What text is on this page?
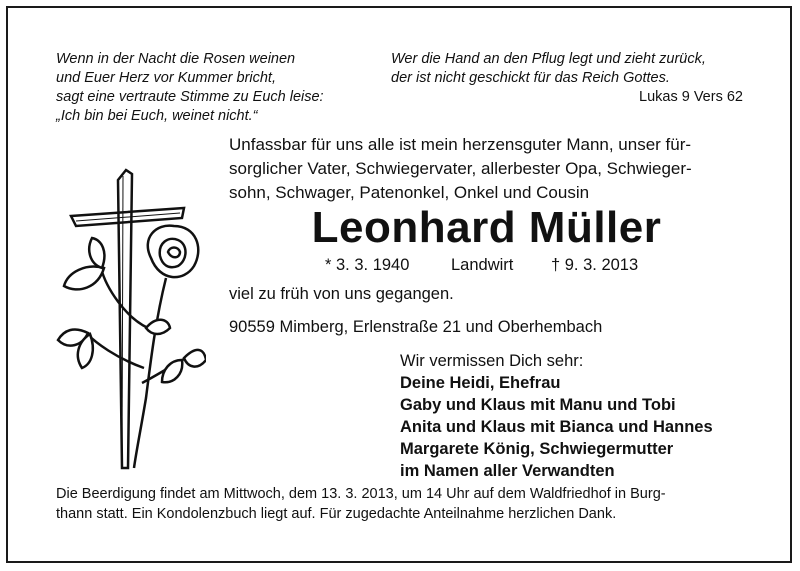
Wenn in der Nacht die Rosen weinen
und Euer Herz vor Kummer bricht,
sagt eine vertraute Stimme zu Euch leise:
„Ich bin bei Euch, weinet nicht.“
Wer die Hand an den Pflug legt und zieht zurück,
der ist nicht geschickt für das Reich Gottes.
Lukas 9 Vers 62
Unfassbar für uns alle ist mein herzensguter Mann, unser für-
sorglicher Vater, Schwiegervater, allerbester Opa, Schwieger-
sohn, Schwager, Patenonkel, Onkel und Cousin
Leonhard Müller
* 3. 3. 1940	Landwirt † 9. 3. 2013
viel zu früh von uns gegangen.
90559 Mimberg, Erlenstraße 21 und Oberhembach
Wir vermissen Dich sehr:
Deine Heidi, Ehefrau
Gaby und Klaus mit Manu und Tobi
Anita und Klaus mit Bianca und Hannes
Margarete König, Schwiegermutter
im Namen aller Verwandten
Die Beerdigung findet am Mittwoch, dem 13. 3. 2013, um 14 Uhr auf dem Waldfriedhof in Burg-
thann statt. Ein Kondolenzbuch liegt auf. Für zugedachte Anteilnahme herzlichen Dank.
